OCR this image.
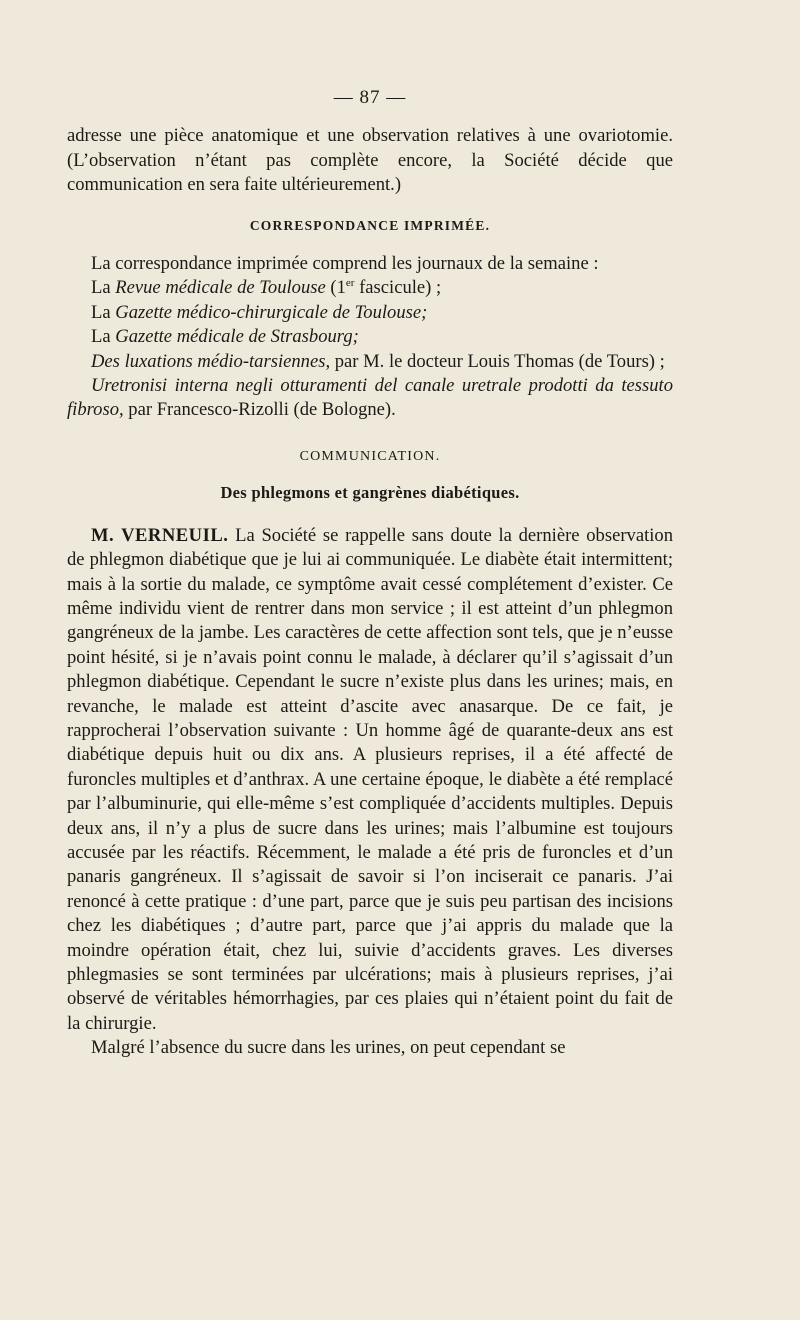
— 87 —

adresse une pièce anatomique et une observation relatives à une ovariotomie. (L’observation n’étant pas complète encore, la Société décide que communication en sera faite ultérieurement.)

CORRESPONDANCE IMPRIMÉE.

La correspondance imprimée comprend les journaux de la semaine :

La Revue médicale de Toulouse (1er fascicule) ;

La Gazette médico-chirurgicale de Toulouse;

La Gazette médicale de Strasbourg;

Des luxations médio-tarsiennes, par M. le docteur Louis Thomas (de Tours) ;

Uretronisi interna negli otturamenti del canale uretrale prodotti da tessuto fibroso, par Francesco-Rizolli (de Bologne).

COMMUNICATION.
Des phlegmons et gangrènes diabétiques.

M. VERNEUIL. La Société se rappelle sans doute la dernière observation de phlegmon diabétique que je lui ai communiquée. Le diabète était intermittent; mais à la sortie du malade, ce symptôme avait cessé complétement d’exister. Ce même individu vient de rentrer dans mon service ; il est atteint d’un phlegmon gangréneux de la jambe. Les caractères de cette affection sont tels, que je n’eusse point hésité, si je n’avais point connu le malade, à déclarer qu’il s’agissait d’un phlegmon diabétique. Cependant le sucre n’existe plus dans les urines; mais, en revanche, le malade est atteint d’ascite avec anasarque. De ce fait, je rapprocherai l’observation suivante : Un homme âgé de quarante-deux ans est diabétique depuis huit ou dix ans. A plusieurs reprises, il a été affecté de furoncles multiples et d’anthrax. A une certaine époque, le diabète a été remplacé par l’albuminurie, qui elle-même s’est compliquée d’accidents multiples. Depuis deux ans, il n’y a plus de sucre dans les urines; mais l’albumine est toujours accusée par les réactifs. Récemment, le malade a été pris de furoncles et d’un panaris gangréneux. Il s’agissait de savoir si l’on inciserait ce panaris. J’ai renoncé à cette pratique : d’une part, parce que je suis peu partisan des incisions chez les diabétiques ; d’autre part, parce que j’ai appris du malade que la moindre opération était, chez lui, suivie d’accidents graves. Les diverses phlegmasies se sont terminées par ulcérations; mais à plusieurs reprises, j’ai observé de véritables hémorrhagies, par ces plaies qui n’étaient point du fait de la chirurgie.

Malgré l’absence du sucre dans les urines, on peut cependant se
